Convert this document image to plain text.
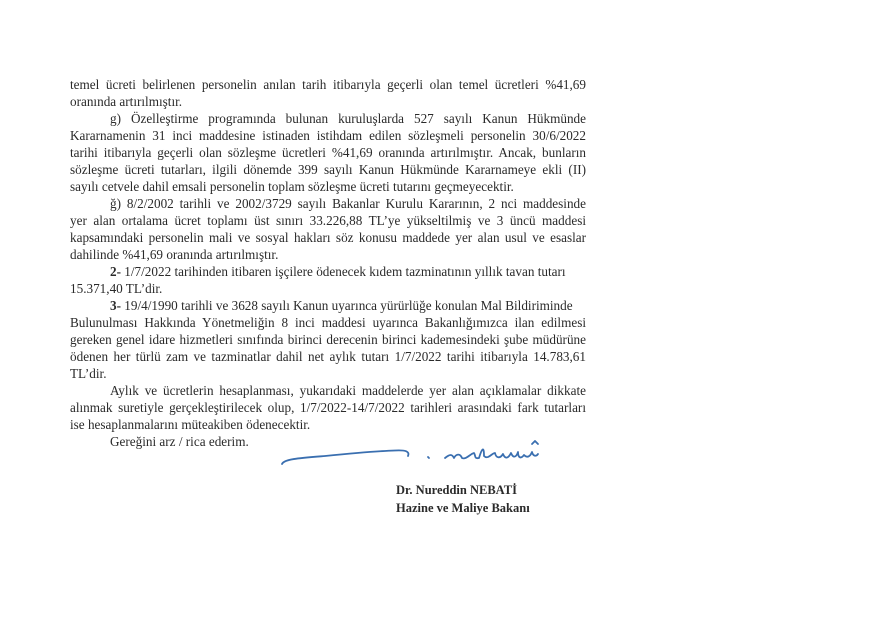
temel ücreti belirlenen personelin anılan tarih itibarıyla geçerli olan temel ücretleri %41,69
oranında artırılmıştır.
g) Özelleştirme programında bulunan kuruluşlarda 527 sayılı Kanun Hükmünde
Kararnamenin 31 inci maddesine istinaden istihdam edilen sözleşmeli personelin 30/6/2022
tarihi itibarıyla geçerli olan sözleşme ücretleri %41,69 oranında artırılmıştır. Ancak, bunların
sözleşme ücreti tutarları, ilgili dönemde 399 sayılı Kanun Hükmünde Kararnameye ekli (II)
sayılı cetvele dahil emsali personelin toplam sözleşme ücreti tutarını geçmeyecektir.
ğ) 8/2/2002 tarihli ve 2002/3729 sayılı Bakanlar Kurulu Kararının, 2 nci maddesinde
yer alan ortalama ücret toplamı üst sınırı 33.226,88 TL’ye yükseltilmiş ve 3 üncü maddesi
kapsamındaki personelin mali ve sosyal hakları söz konusu maddede yer alan usul ve esaslar
dahilinde %41,69 oranında artırılmıştır.
2- 1/7/2022 tarihinden itibaren işçilere ödenecek kıdem tazminatının yıllık tavan tutarı
15.371,40 TL’dir.
3- 19/4/1990 tarihli ve 3628 sayılı Kanun uyarınca yürürlüğe konulan Mal Bildiriminde
Bulunulması Hakkında Yönetmeliğin 8 inci maddesi uyarınca Bakanlığımızca ilan edilmesi
gereken genel idare hizmetleri sınıfında birinci derecenin birinci kademesindeki şube müdürüne
ödenen her türlü zam ve tazminatlar dahil net aylık tutarı 1/7/2022 tarihi itibarıyla 14.783,61
TL’dir.
Aylık ve ücretlerin hesaplanması, yukarıdaki maddelerde yer alan açıklamalar dikkate
alınmak suretiyle gerçekleştirilecek olup, 1/7/2022-14/7/2022 tarihleri arasındaki fark tutarları
ise hesaplanmalarını müteakiben ödenecektir.
Gereğini arz / rica ederim.
Dr. Nureddin NEBATİ
Hazine ve Maliye Bakanı
